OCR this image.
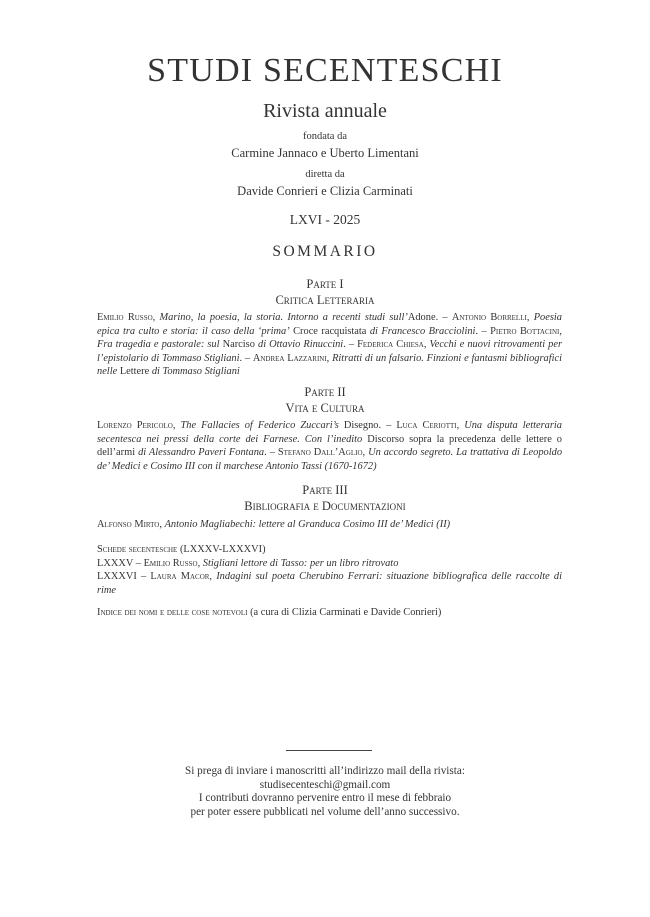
STUDI SECENTESCHI
Rivista annuale
fondata da
Carmine Jannaco e Uberto Limentani
diretta da
Davide Conrieri e Clizia Carminati
LXVI - 2025
SOMMARIO
Parte I
Critica Letteraria
Emilio Russo, Marino, la poesia, la storia. Intorno a recenti studi sull’Adone. – Antonio Borrelli, Poesia epica tra culto e storia: il caso della ‘prima’ Croce racquistata di Francesco Bracciolini. – Pietro Bottacini, Fra tragedia e pastorale: sul Narciso di Ottavio Rinuccini. – Federica Chiesa, Vecchi e nuovi ritrovamenti per l’epistolario di Tommaso Stigliani. – Andrea Lazzarini, Ritratti di un falsario. Finzioni e fantasmi bibliografici nelle Lettere di Tommaso Stigliani
Parte II
Vita e Cultura
Lorenzo Pericolo, The Fallacies of Federico Zuccari’s Disegno. – Luca Ceriotti, Una disputa letteraria secentesca nei pressi della corte dei Farnese. Con l’inedito Discorso sopra la precedenza delle lettere o dell’armi di Alessandro Paveri Fontana. – Stefano Dall’Aglio, Un accordo segreto. La trattativa di Leopoldo de’ Medici e Cosimo III con il marchese Antonio Tassi (1670-1672)
Parte III
Bibliografia e Documentazioni
Alfonso Mirto, Antonio Magliabechi: lettere al Granduca Cosimo III de’ Medici (II)
Schede secentesche (LXXXV-LXXXVI)
LXXXV – Emilio Russo, Stigliani lettore di Tasso: per un libro ritrovato
LXXXVI – Laura Macor, Indagini sul poeta Cherubino Ferrari: situazione bibliografica delle raccolte di rime
Indice dei nomi e delle cose notevoli (a cura di Clizia Carminati e Davide Conrieri)
Si prega di inviare i manoscritti all’indirizzo mail della rivista:
studisecenteschi@gmail.com
I contributi dovranno pervenire entro il mese di febbraio
per poter essere pubblicati nel volume dell’anno successivo.
